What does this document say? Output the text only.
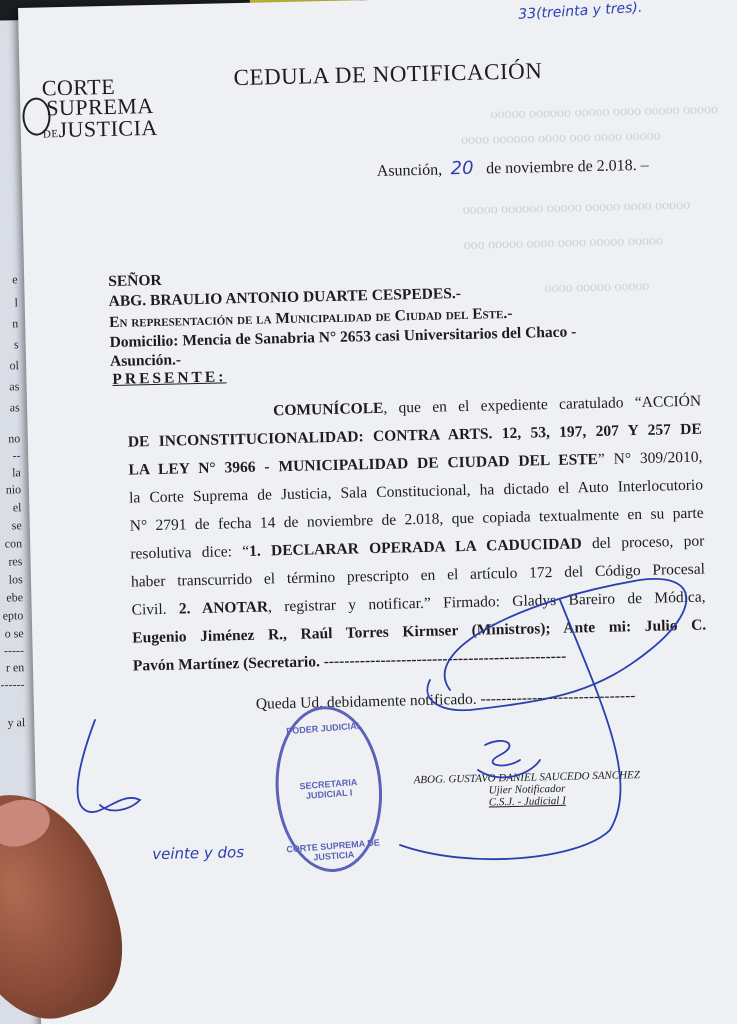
e
l
n
s
ol
as
as
no
--
la
nio
el
se
con
res
los
ebe
epto
o se
-----
r en
------
y al
ooooo ooooo oooo ooooo oooooo ooooo
ooooo oooo ooo oooo oooooo oooo
ooooo oooo ooooo ooooo oooooo ooooo
ooooo ooooo oooo oooo ooooo ooo
ooooo ooooo oooo
CORTE
SUPREMA
DEJUSTICIA
33(treinta y tres).
CEDULA DE NOTIFICACIÓN
Asunción, 20 de noviembre de 2.018. –
SEÑOR
ABG. BRAULIO ANTONIO DUARTE CESPEDES.-
En representación de la Municipalidad de Ciudad del Este.-
Domicilio: Mencia de Sanabria N° 2653 casi Universitarios del Chaco -
Asunción.-
PRESENTE:
COMUNÍCOLE, que en el expediente caratulado “ACCIÓN
DE INCONSTITUCIONALIDAD: CONTRA ARTS. 12, 53, 197, 207 Y 257 DE
LA LEY N° 3966 - MUNICIPALIDAD DE CIUDAD DEL ESTE” N° 309/2010,
la Corte Suprema de Justicia, Sala Constitucional, ha dictado el Auto Interlocutorio
N° 2791 de fecha 14 de noviembre de 2.018, que copiada textualmente en su parte
resolutiva dice: “1. DECLARAR OPERADA LA CADUCIDAD del proceso, por
haber transcurrido el término prescripto en el artículo 172 del Código Procesal
Civil. 2. ANOTAR, registrar y notificar.” Firmado: Gladys Bareiro de Módica,
Eugenio Jiménez R., Raúl Torres Kirmser (Ministros); Ante mi: Julio C.
Pavón Martínez (Secretario. -----------------------------------------------
Queda Ud. debidamente notificado. ------------------------------
PODER JUDICIAL
SECRETARIA JUDICIAL I
CORTE SUPREMA DE JUSTICIA
ABOG. GUSTAVO DANIEL SAUCEDO SANCHEZ
Ujier Notificador
C.S.J. - Judicial I
veinte y dos
